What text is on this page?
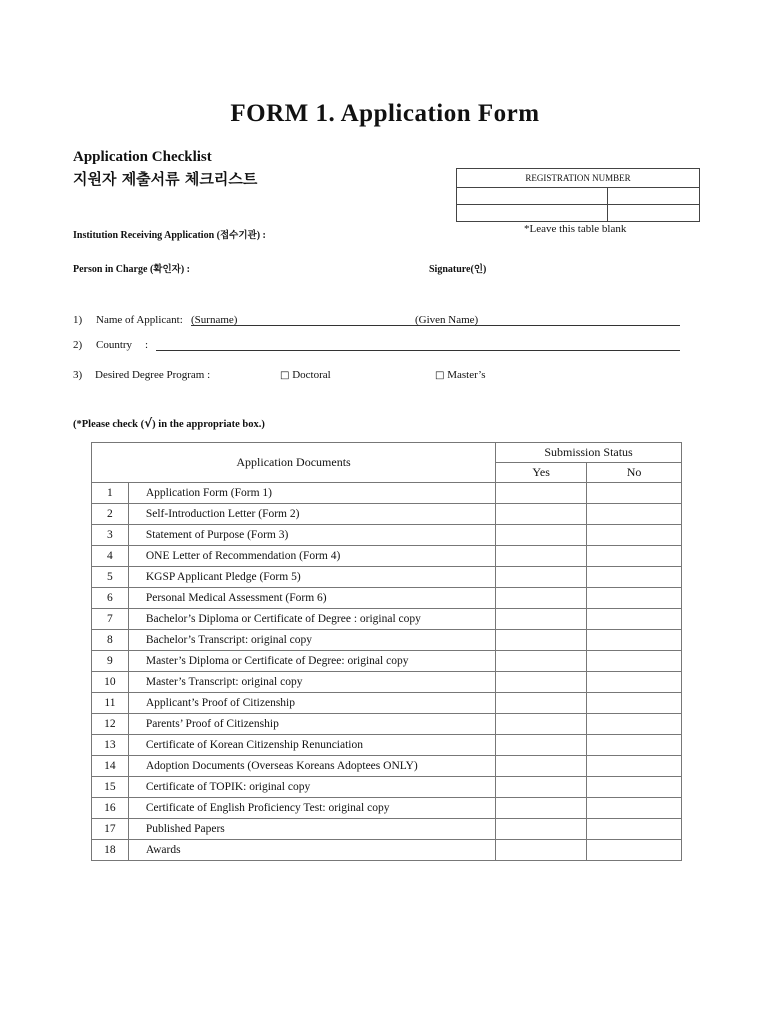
FORM 1. Application Form
Application Checklist
지원자 제출서류 체크리스트	REGISTRATION NUMBER	

*Leave this table blank
Institution Receiving Application (접수기관) :
Person in Charge (확인자) :	Signature(인)
1) Name of Applicant: (Surname)	(Given Name)
2) Country :
3) Desired Degree Program :	□ Doctoral	□ Master’s
(*Please check (√) in the appropriate box.)
Application Documents		Submission Status	
		Yes	No
1	Application Form (Form 1)		
2	Self-Introduction Letter (Form 2)		
3	Statement of Purpose (Form 3)		
4	ONE Letter of Recommendation (Form 4)		
5	KGSP Applicant Pledge (Form 5)		
6	Personal Medical Assessment (Form 6)		
7	Bachelor’s Diploma or Certificate of Degree : original copy		
8	Bachelor’s Transcript: original copy		
9	Master’s Diploma or Certificate of Degree: original copy		
10	Master’s Transcript: original copy		
11	Applicant’s Proof of Citizenship		
12	Parents’ Proof of Citizenship		
13	Certificate of Korean Citizenship Renunciation		
14	Adoption Documents (Overseas Koreans Adoptees ONLY)		
15	Certificate of TOPIK: original copy		
16	Certificate of English Proficiency Test: original copy		
17	Published Papers		
18	Awards		
